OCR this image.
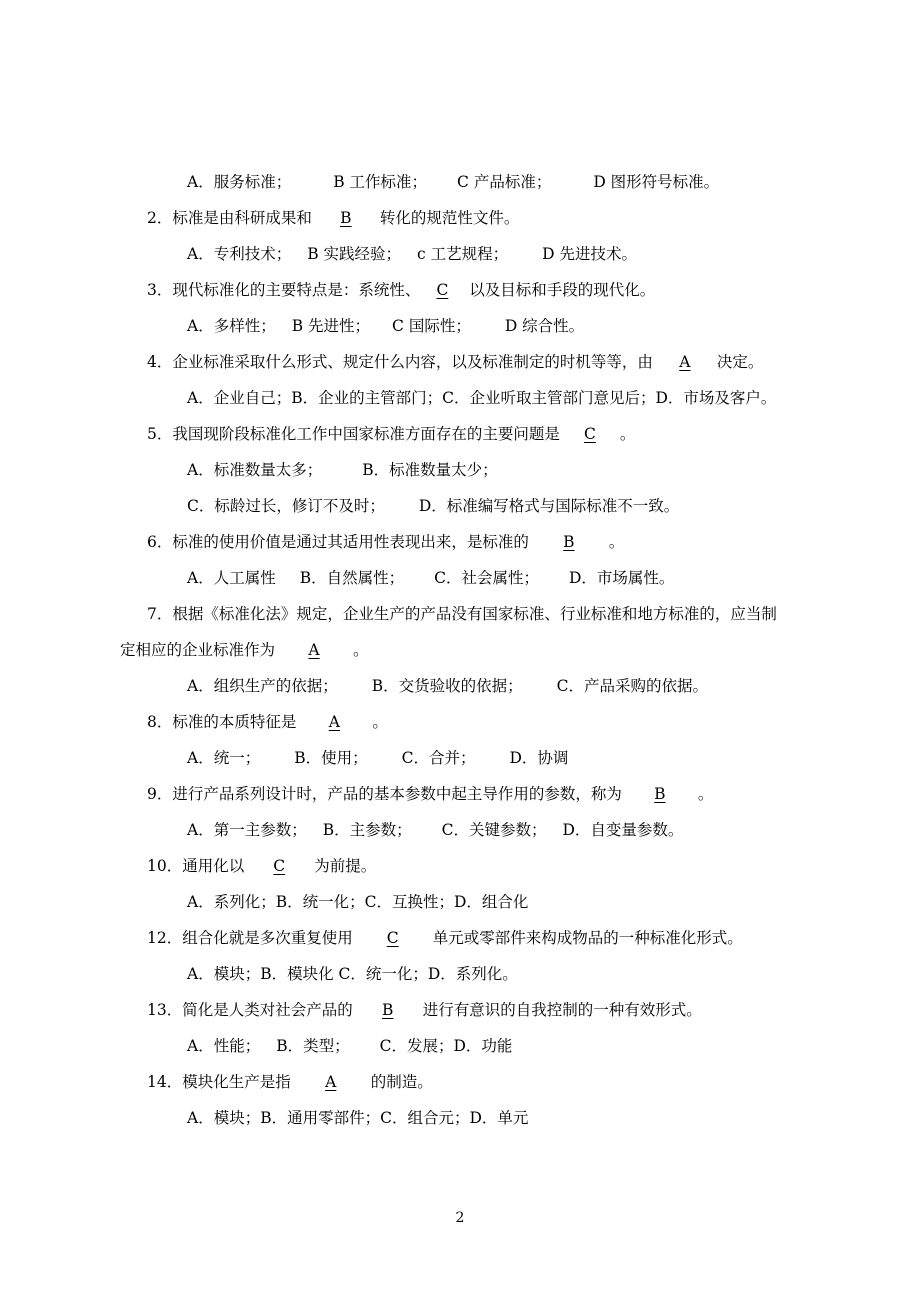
A．服务标准；	B 工作标准； C 产品标准；	D 图形符号标准。
2．标准是由科研成果和 B 转化的规范性文件。
A．专利技术； B 实践经验； c 工艺规程； D 先进技术。
3．现代标准化的主要特点是：系统性、 C 以及目标和手段的现代化。
A．多样性； B 先进性； C 国际性； D 综合性。
4．企业标准采取什么形式、规定什么内容，以及标准制定的时机等等，由 A 决定。
A．企业自己；B．企业的主管部门；C．企业听取主管部门意见后；D．市场及客户。
5．我国现阶段标准化工作中国家标准方面存在的主要问题是 C 。
A．标准数量太多；	B．标准数量太少；
C．标龄过长，修订不及时； D．标准编写格式与国际标准不一致。
6．标准的使用价值是通过其适用性表现出来，是标准的 B 。
A．人工属性 B．自然属性； C．社会属性； D．市场属性。
7．根据《标准化法》规定，企业生产的产品没有国家标准、行业标准和地方标准的，应当制
定相应的企业标准作为 A 。
A．组织生产的依据； B．交货验收的依据； C．产品采购的依据。
8．标准的本质特征是 A 。
A．统一； B．使用； C．合并； D．协调
9．进行产品系列设计时，产品的基本参数中起主导作用的参数，称为 B 。
A．第一主参数； B．主参数； C．关键参数； D．自变量参数。
10．通用化以 C 为前提。
A．系列化；B．统一化；C．互换性；D．组合化
12．组合化就是多次重复使用 C 单元或零部件来构成物品的一种标准化形式。
A．模块；B．模块化 C．统一化；D．系列化。
13．简化是人类对社会产品的 B 进行有意识的自我控制的一种有效形式。
A．性能； B．类型； C．发展；D．功能
14．模块化生产是指 A 的制造。
A．模块；B．通用零部件；C．组合元；D．单元
2
